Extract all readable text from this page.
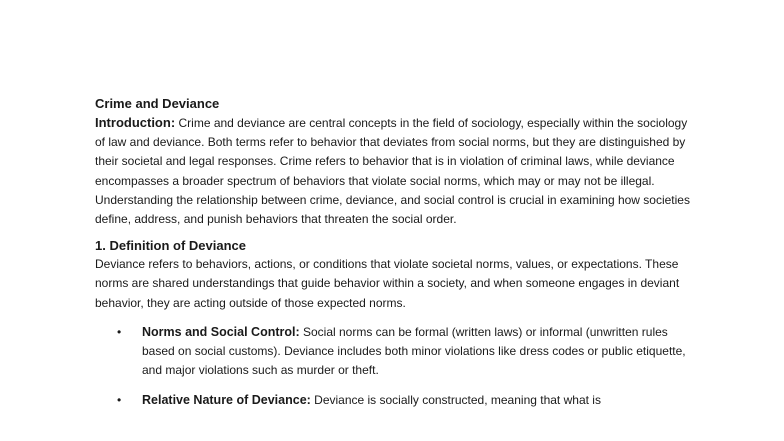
Crime and Deviance

Introduction: Crime and deviance are central concepts in the field of sociology, especially within the sociology of law and deviance. Both terms refer to behavior that deviates from social norms, but they are distinguished by their societal and legal responses. Crime refers to behavior that is in violation of criminal laws, while deviance encompasses a broader spectrum of behaviors that violate social norms, which may or may not be illegal. Understanding the relationship between crime, deviance, and social control is crucial in examining how societies define, address, and punish behaviors that threaten the social order.

1. Definition of Deviance

Deviance refers to behaviors, actions, or conditions that violate societal norms, values, or expectations. These norms are shared understandings that guide behavior within a society, and when someone engages in deviant behavior, they are acting outside of those expected norms.

• Norms and Social Control: Social norms can be formal (written laws) or informal (unwritten rules based on social customs). Deviance includes both minor violations like dress codes or public etiquette, and major violations such as murder or theft.
• Relative Nature of Deviance: Deviance is socially constructed, meaning that what is
